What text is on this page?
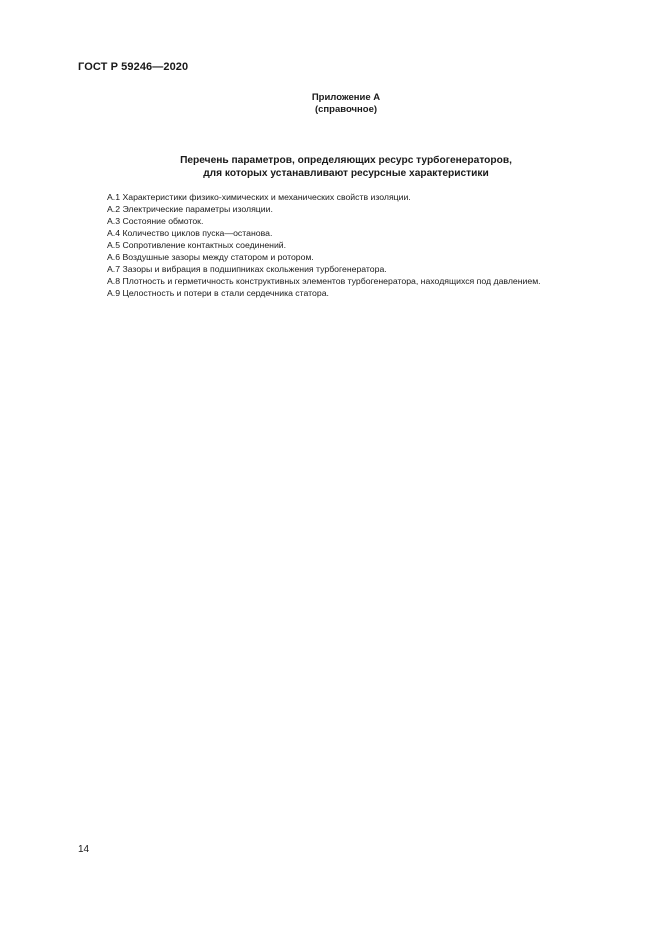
ГОСТ Р 59246—2020
Приложение А
(справочное)
Перечень параметров, определяющих ресурс турбогенераторов,
для которых устанавливают ресурсные характеристики
А.1 Характеристики физико-химических и механических свойств изоляции.
А.2 Электрические параметры изоляции.
А.3 Состояние обмоток.
А.4 Количество циклов пуска—останова.
А.5 Сопротивление контактных соединений.
А.6 Воздушные зазоры между статором и ротором.
А.7 Зазоры и вибрация в подшипниках скольжения турбогенератора.
А.8 Плотность и герметичность конструктивных элементов турбогенератора, находящихся под давлением.
А.9 Целостность и потери в стали сердечника статора.
14
